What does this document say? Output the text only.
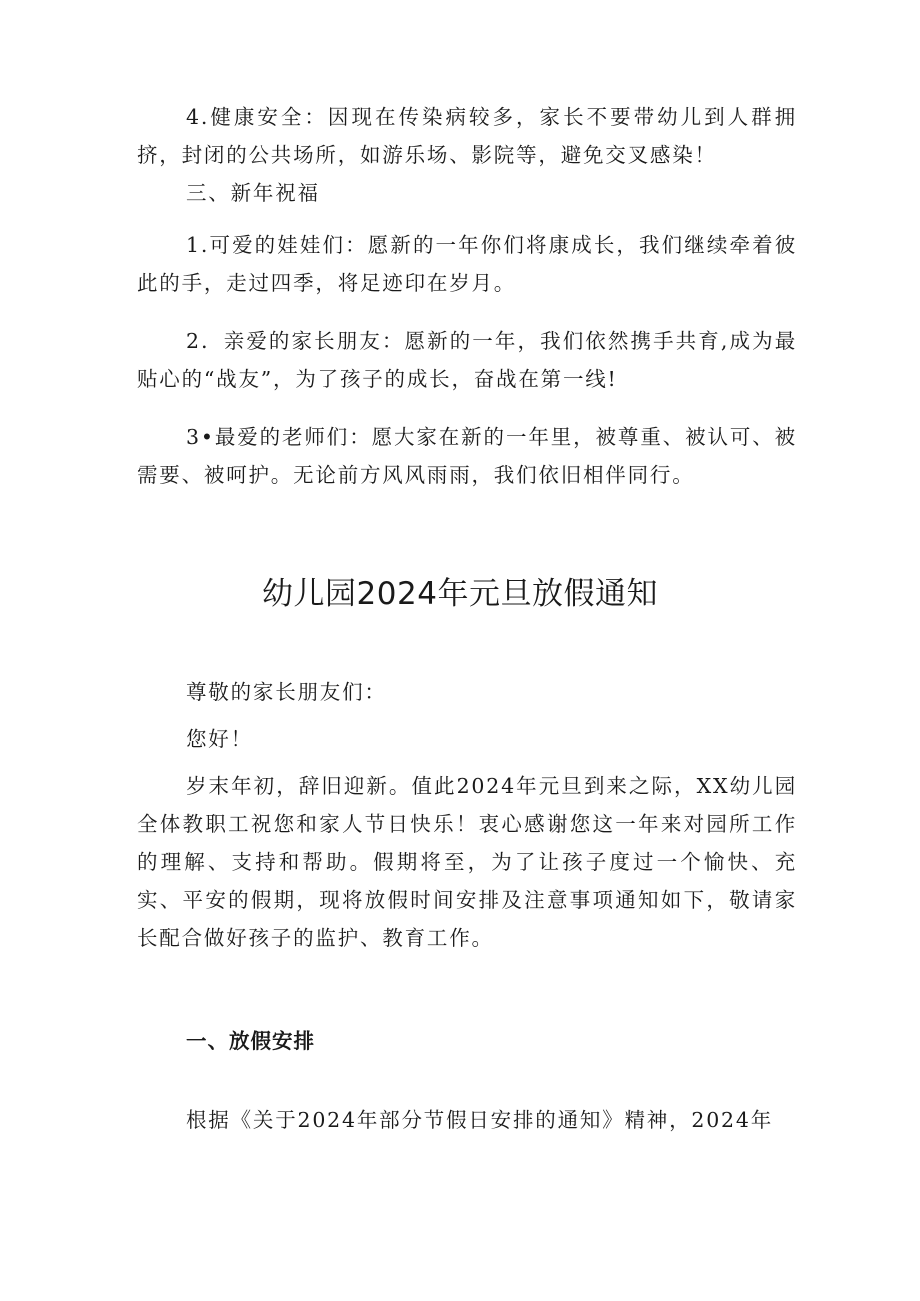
4.健康安全：因现在传染病较多，家长不要带幼儿到人群拥挤，封闭的公共场所，如游乐场、影院等，避免交叉感染！

三、新年祝福

1.可爱的娃娃们：愿新的一年你们将康成长，我们继续牵着彼此的手，走过四季，将足迹印在岁月。

2．亲爱的家长朋友：愿新的一年，我们依然携手共育,成为最贴心的“战友”，为了孩子的成长，奋战在第一线!

3•最爱的老师们：愿大家在新的一年里，被尊重、被认可、被需要、被呵护。无论前方风风雨雨，我们依旧相伴同行。

幼儿园2024年元旦放假通知

尊敬的家长朋友们：

您好！

岁末年初，辞旧迎新。值此2024年元旦到来之际，XX幼儿园全体教职工祝您和家人节日快乐！衷心感谢您这一年来对园所工作的理解、支持和帮助。假期将至，为了让孩子度过一个愉快、充实、平安的假期，现将放假时间安排及注意事项通知如下，敬请家长配合做好孩子的监护、教育工作。

一、放假安排

根据《关于2024年部分节假日安排的通知》精神，2024年
